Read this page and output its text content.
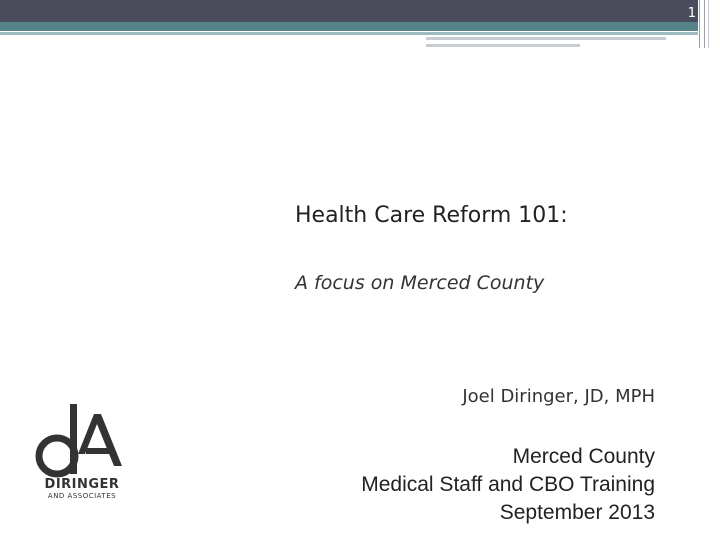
1
Health Care Reform 101:
A focus on Merced County
Joel Diringer, JD, MPH
Merced County
Medical Staff and CBO Training
September 2013
DIRINGER
AND ASSOCIATES
